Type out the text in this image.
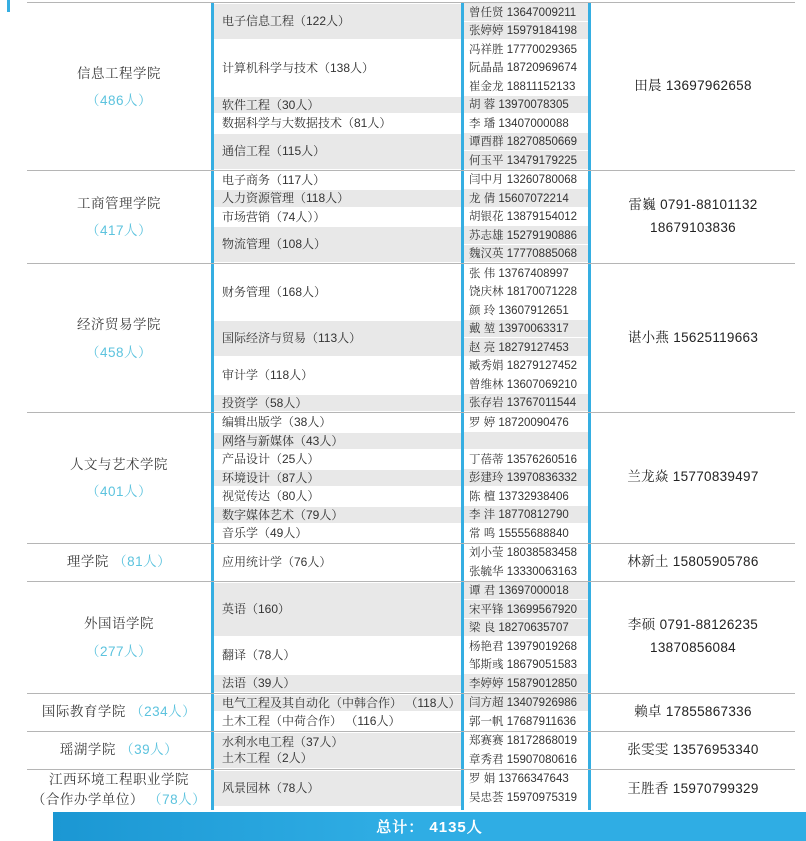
信息工程学院
（486人）
电子信息工程（122人）
计算机科学与技术（138人）
软件工程（30人）
数据科学与大数据技术（81人）
通信工程（115人）
曾任贤 13647009211
张婷婷 15979184198
冯祥胜 17770029365
阮晶晶 18720969674
崔金龙 18811152133
胡 蓉 13970078305
李 璠 13407000088
谭酉群 18270850669
何玉平 13479179225
田晨 13697962658
工商管理学院
（417人）
电子商务（117人）
人力资源管理（118人）
市场营销（74人））
物流管理（108人）
闫中月 13260780068
龙 倩 15607072214
胡银花 13879154012
苏志雄 15279190886
魏汉英 17770885068
雷巍 0791-88101132
18679103836
经济贸易学院
（458人）
财务管理（168人）
国际经济与贸易（113人）
审计学（118人）
投资学（58人）
张 伟 13767408997
饶庆林 18170071228
颜 玲 13607912651
戴 堃 13970063317
赵 亮 18279127453
臧秀娟 18279127452
曾维林 13607069210
张存岩 13767011544
谌小燕 15625119663
人文与艺术学院
（401人）
编辑出版学（38人）
网络与新媒体（43人）
产品设计（25人）
环境设计（87人）
视觉传达（80人）
数字媒体艺术（79人）
音乐学（49人）
罗 婷 18720090476
丁蓓蒂 13576260516
彭建玲 13970836332
陈 檀 13732938406
李 沣 18770812790
常 鸣 15555688840
兰龙焱 15770839497
理学院 （81人）	应用统计学（76人）
刘小莹 18038583458
张毓华 13330063163
林新土 15805905786
外国语学院
（277人）
英语（160）
翻译（78人）
法语（39人）
谭 君 13697000018
宋平锋 13699567920
梁 良 18270635707
杨艳君 13979019268
邹斯彧 18679051583
李婷婷 15879012850
李硕 0791-88126235
13870856084
国际教育学院 （234人）
电气工程及其自动化（中韩合作） （118人）
土木工程（中荷合作） （116人）
闫方超 13407926986
郭一帆 17687911636
赖卓 17855867336
瑶湖学院 （39人）
水利水电工程（37人）
土木工程（2人）
郑赛赛 18172868019
章秀君 15907080616
张雯雯 13576953340
江西环境工程职业学院
（合作办学单位） （78人）
风景园林（78人）
罗 娟 13766347643
吴忠荟 15970975319
王胜香 15970799329
总计： 4135人
